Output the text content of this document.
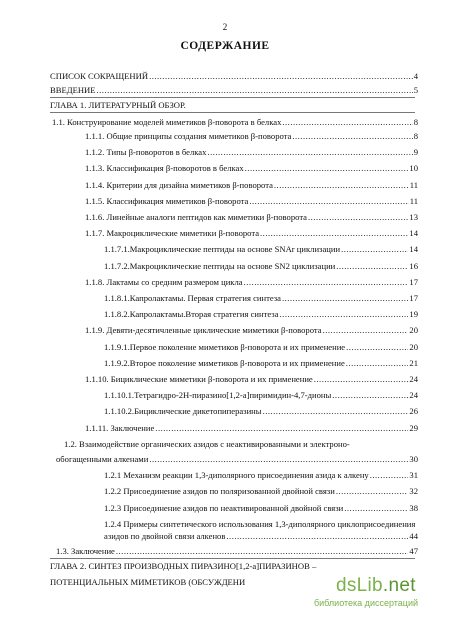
2
СОДЕРЖАНИЕ
СПИСОК СОКРАЩЕНИЙ .....	4
ВВЕДЕНИЕ .....	5
ГЛАВА 1. ЛИТЕРАТУРНЫЙ ОБЗОР.
1.1. Конструирование моделей миметиков β-поворота в белках .....	8
1.1.1. Общие принципы создания миметиков β-поворота .....	8
1.1.2. Типы β-поворотов в белках .....	9
1.1.3. Классификация β-поворотов в белках .....	10
1.1.4. Критерии для дизайна миметиков β-поворота .....	11
1.1.5. Классификация миметиков β-поворота .....	11
1.1.6. Линейные аналоги пептидов как миметики β-поворота .....	13
1.1.7. Макроциклические миметики β-поворота .....	14
1.1.7.1.Макроциклические пептиды на основе SNAr циклизации .....	14
1.1.7.2.Макроциклические пептиды на основе SN2 циклизации .....	16
1.1.8. Лактамы со средним размером цикла .....	17
1.1.8.1.Капролактамы. Первая стратегия синтеза .....	17
1.1.8.2.Капролактамы.Вторая стратегия синтеза .....	19
1.1.9. Девяти-десятичленные циклические миметики β-поворота .....	20
1.1.9.1.Первое поколение миметиков β-поворота и их применение .....	20
1.1.9.2.Второе поколение миметиков β-поворота и их применение .....	21
1.1.10. Бициклические миметики β-поворота и их применение .....	24
1.1.10.1.Тетрагидро-2Н-пиразино[1,2-а]пиримидин-4,7-дионы .....	24
1.1.10.2.Бициклические дикетопиперазины .....	26
1.1.11. Заключение .....	29
1.2. Взаимодействие органических азидов с неактивированными и электроно-
обогащенными алкенами .....	30
1.2.1 Механизм реакции 1,3-диполярного присоединения азида к алкену .....	31
1.2.2 Присоединение азидов по поляризованной двойной связи .....	32
1.2.3 Присоединение азидов по неактивированной двойной связи .....	38
1.2.4 Примеры синтетического использования 1,3-диполярного циклоприсоединения
азидов по двойной связи алкенов .....	44
1.3. Заключение .....	47
ГЛАВА 2. СИНТЕЗ ПРОИЗВОДНЫХ ПИРАЗИНО[1,2-а]ПИРАЗИНОВ –
ПОТЕНЦИАЛЬНЫХ МИМЕТИКОВ (ОБСУЖДЕНИ	dsLib.net
библиотека диссертаций
